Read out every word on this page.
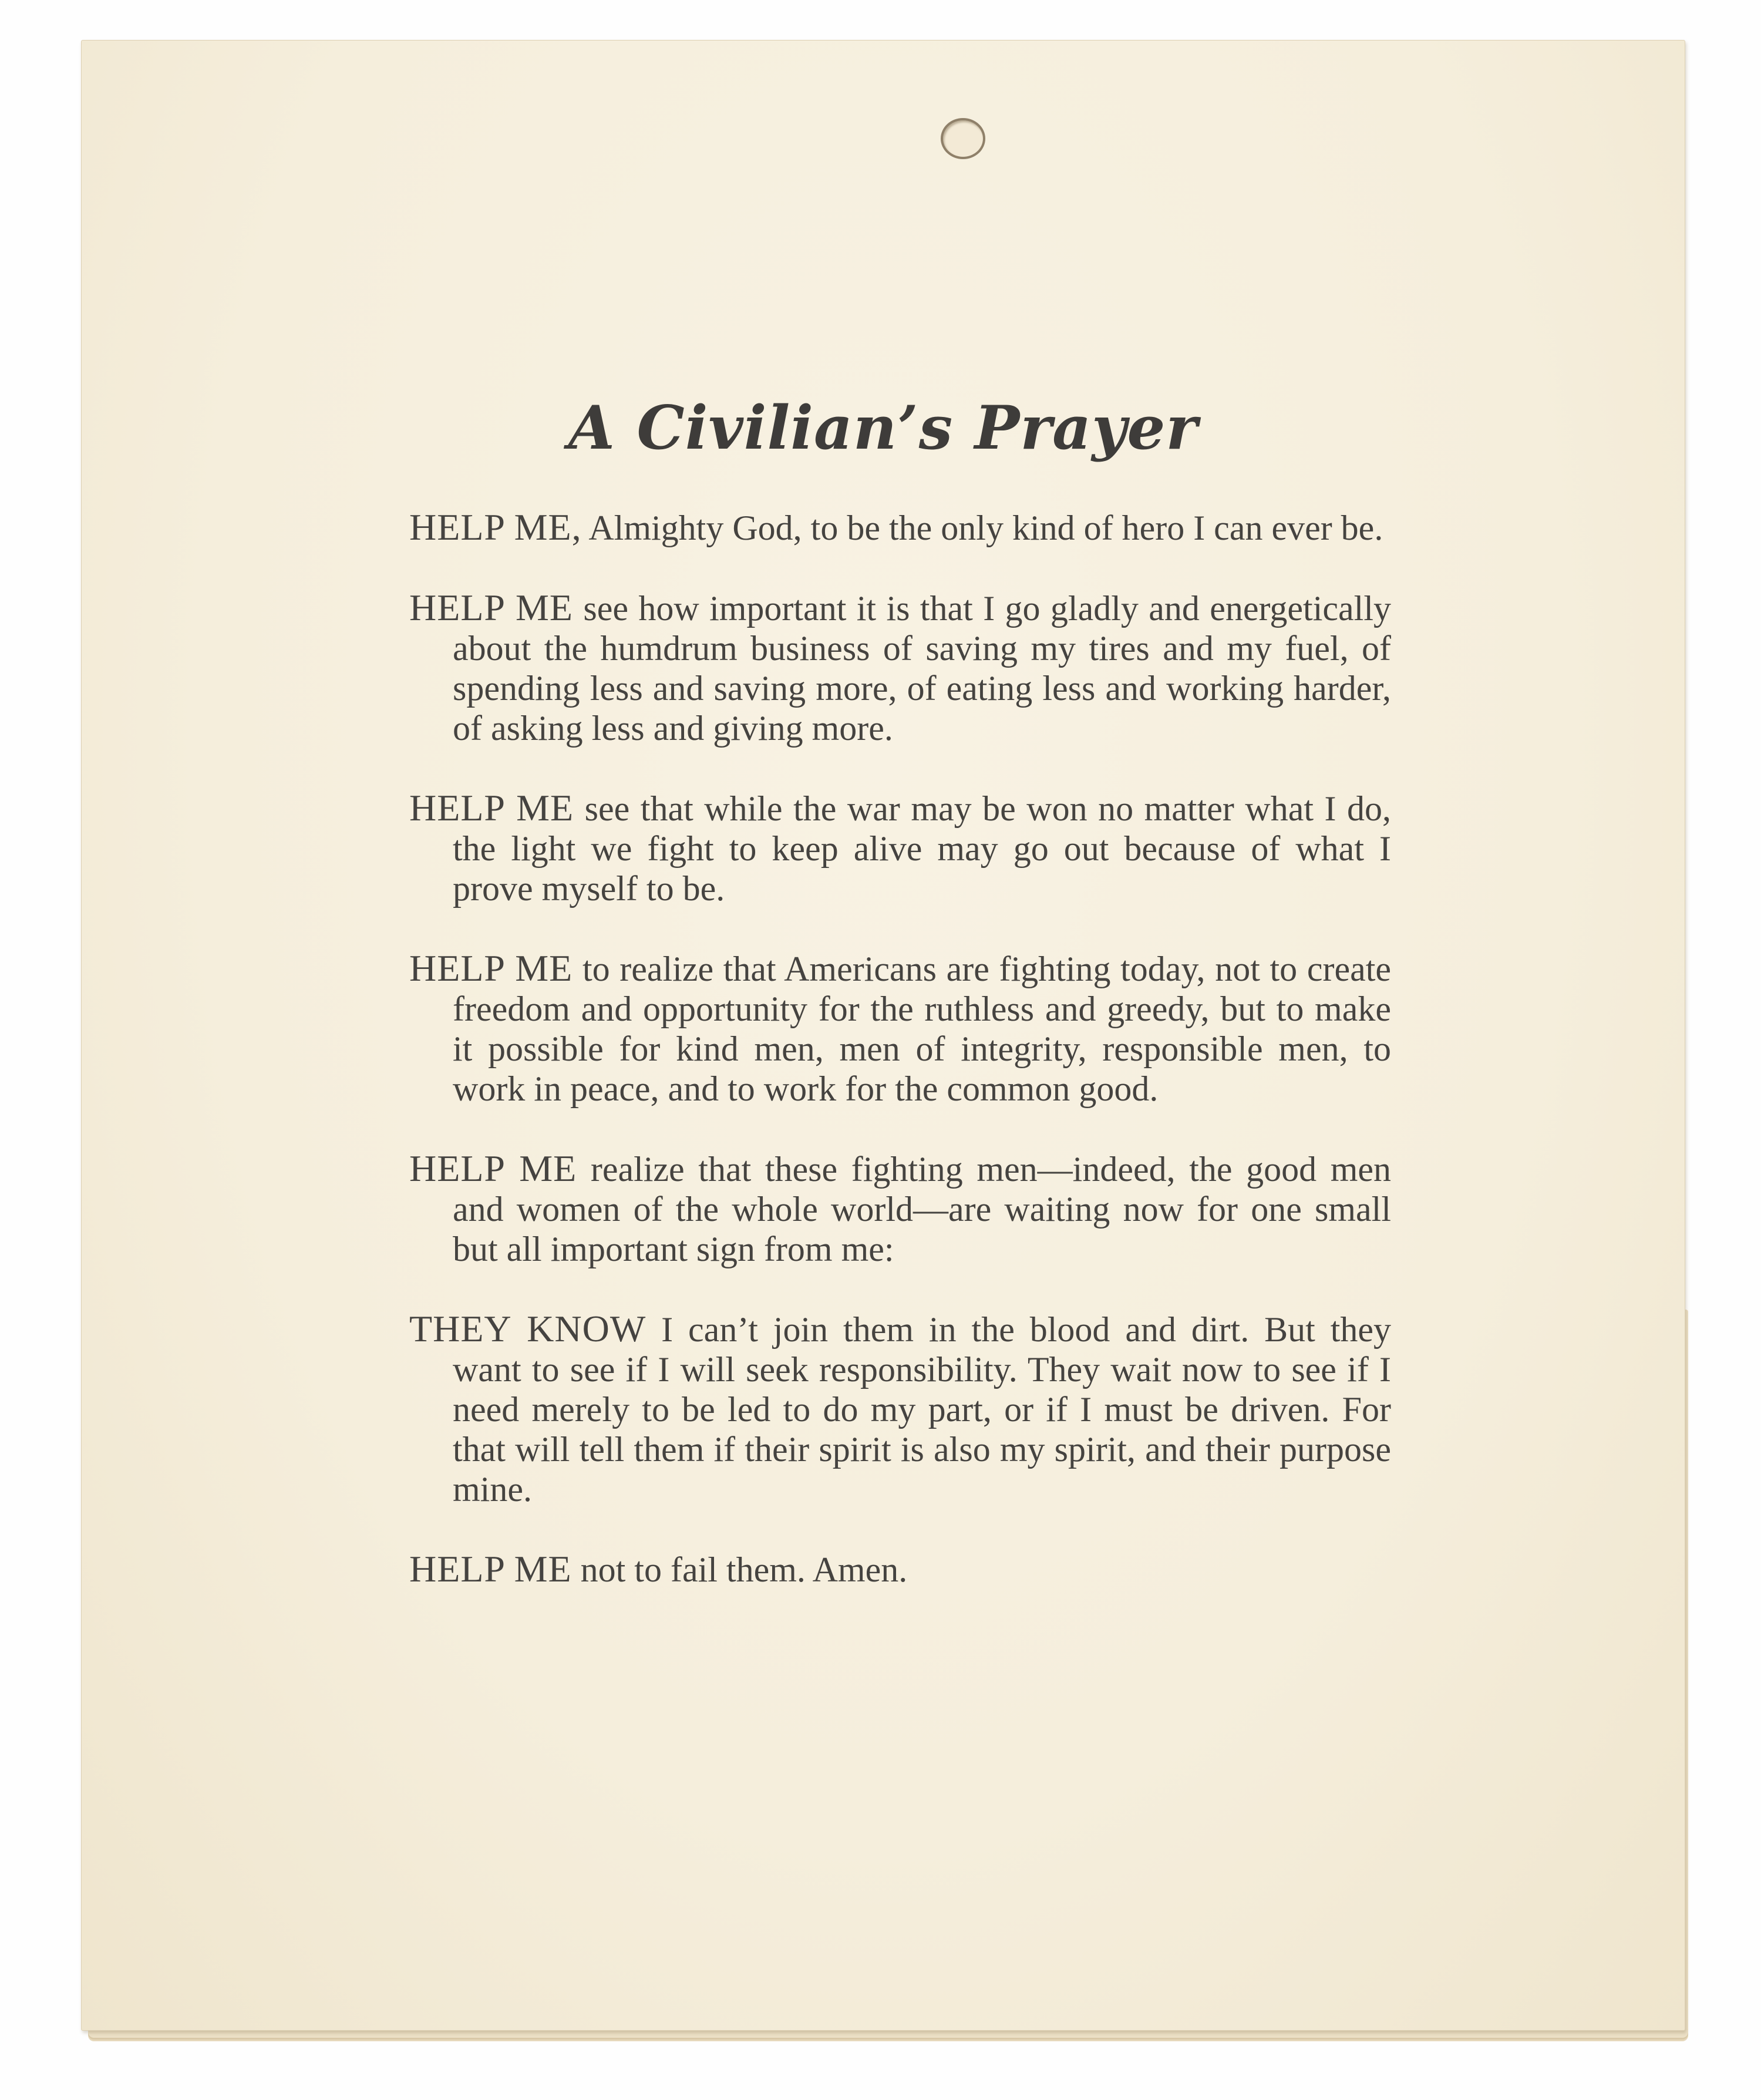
A Civilian’s Prayer

HELP ME, Almighty God, to be the only kind of hero I can ever be.

HELP ME see how important it is that I go gladly and energetically about the humdrum business of saving my tires and my fuel, of spending less and saving more, of eating less and working harder, of asking less and giving more.

HELP ME see that while the war may be won no matter what I do, the light we fight to keep alive may go out because of what I prove myself to be.

HELP ME to realize that Americans are fighting today, not to create freedom and opportunity for the ruthless and greedy, but to make it possible for kind men, men of integrity, responsible men, to work in peace, and to work for the common good.

HELP ME realize that these fighting men—indeed, the good men and women of the whole world—are waiting now for one small but all important sign from me:

THEY KNOW I can’t join them in the blood and dirt. But they want to see if I will seek responsibility. They wait now to see if I need merely to be led to do my part, or if I must be driven. For that will tell them if their spirit is also my spirit, and their purpose mine.

HELP ME not to fail them. Amen.
